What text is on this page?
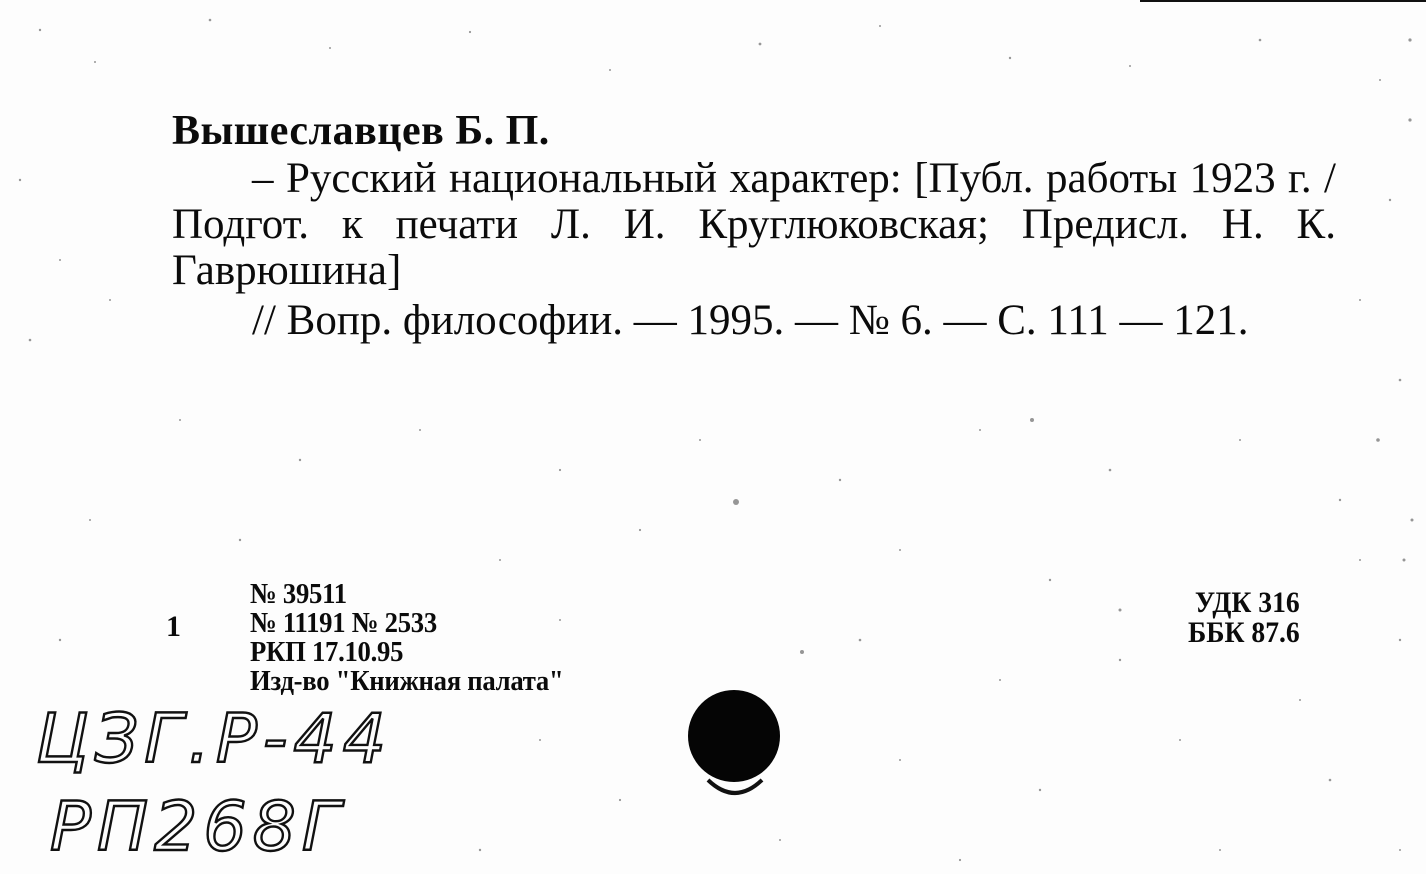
Вышеславцев Б. П.

– Русский национальный характер: [Публ. работы 1923 г. / Подгот. к печати Л. И. Круглюковская; Предисл. Н. К. Гаврюшина]

// Вопр. философии. — 1995. — № 6. — С. 111 — 121.

1
№ 39511
№ 11191 № 2533
РКП 17.10.95
Изд-во "Книжная палата"
УДК 316
ББК 87.6
ЦЗГ.Р-44
РП268Г
